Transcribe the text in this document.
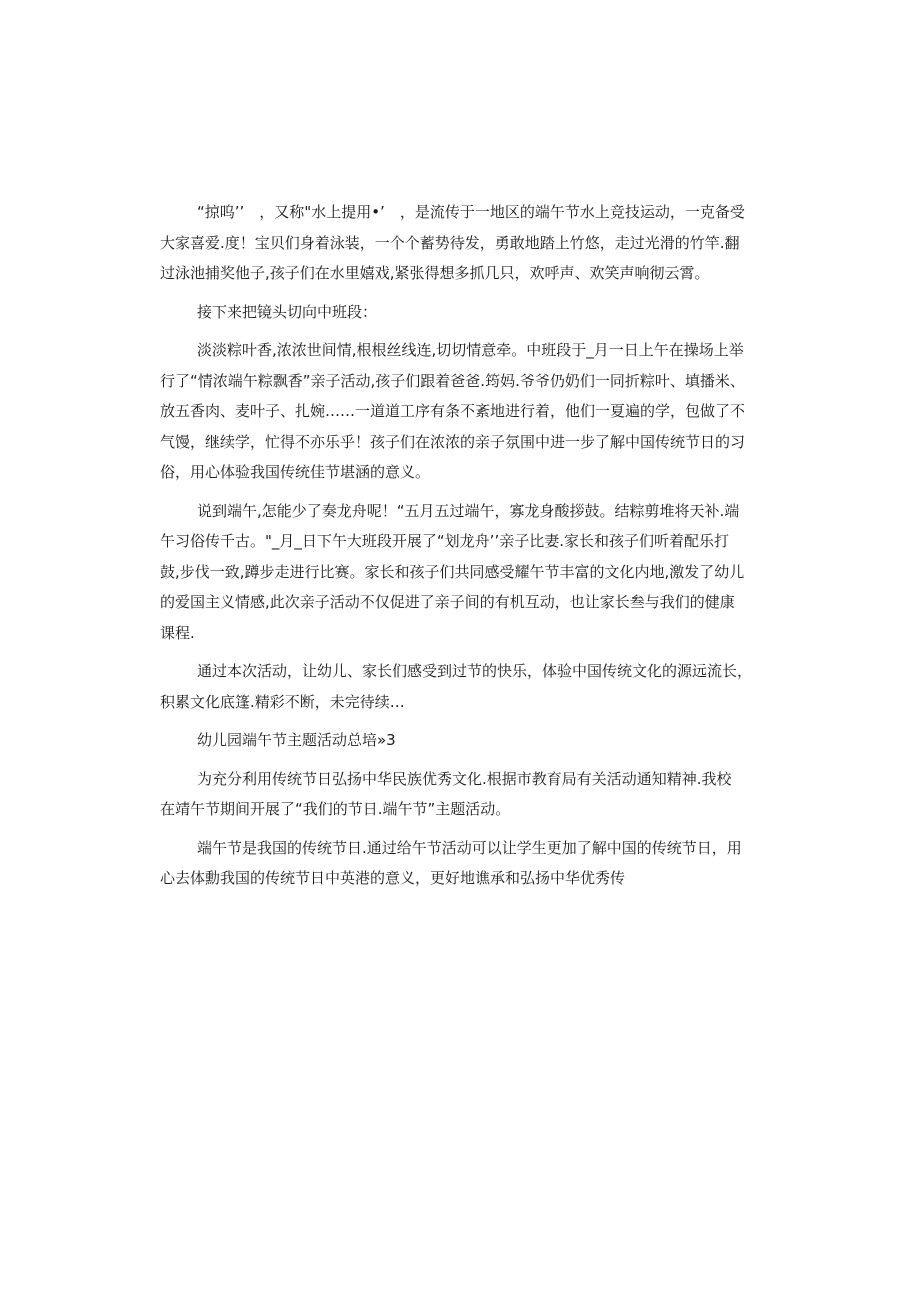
“掠呜’’　，又称"水上提用•’　，是流传于一地区的端午节水上竞技运动，一克备受
大家喜爱.度！宝贝们身着泳装，一个个蓄势待发，勇敢地踏上竹悠，走过光滑的竹竿.翻
过泳池捕奖他子,孩子们在水里嬉戏,紧张得想多抓几只，欢呼声、欢笑声响彻云霄。
接下来把镜头切向中班段：
淡淡粽叶香,浓浓世间情,根根丝线连,切切情意牵。中班段于_月一日上午在操场上举
行了“情浓端午粽飘香”亲子活动,孩子们跟着爸爸.筠妈.爷爷仍奶们一同折粽叶、填播米、
放五香肉、麦叶子、扎婉……一道道工序有条不紊地进行着，他们一夏遍的学，包做了不
气馒，继续学，忙得不亦乐乎！孩子们在浓浓的亲子氛围中进一步了解中国传统节日的习
俗，用心体验我国传统佳节堪涵的意义。
说到端午,怎能少了奏龙舟呢！“五月五过端午，寡龙身酸拶鼓。结粽剪堆将天补.端
午习俗传千古。"_月_日下午大班段开展了“划龙舟’’亲子比妻.家长和孩子们听着配乐打
鼓,步伐一致,蹲步走进行比赛。家长和孩子们共同感受耀午节丰富的文化内地,激发了幼儿
的爱国主义情感,此次亲子活动不仅促进了亲子间的有机互动，也让家长叁与我们的健康
课程.
通过本次活动，让幼儿、家长们感受到过节的快乐，体验中国传统文化的源远流长，
积累文化底篷.精彩不断，未完待续…
幼儿园端午节主题活动总培»3
为充分利用传统节日弘扬中华民族优秀文化.根据市教育局有关活动通知精神.我校
在靖午节期间开展了“我们的节日.端午节”主题活动。
端午节是我国的传统节日.通过给午节活动可以让学生更加了解中国的传统节日，用
心去体勳我国的传统节日中英港的意义，更好地谯承和弘扬中华优秀传
